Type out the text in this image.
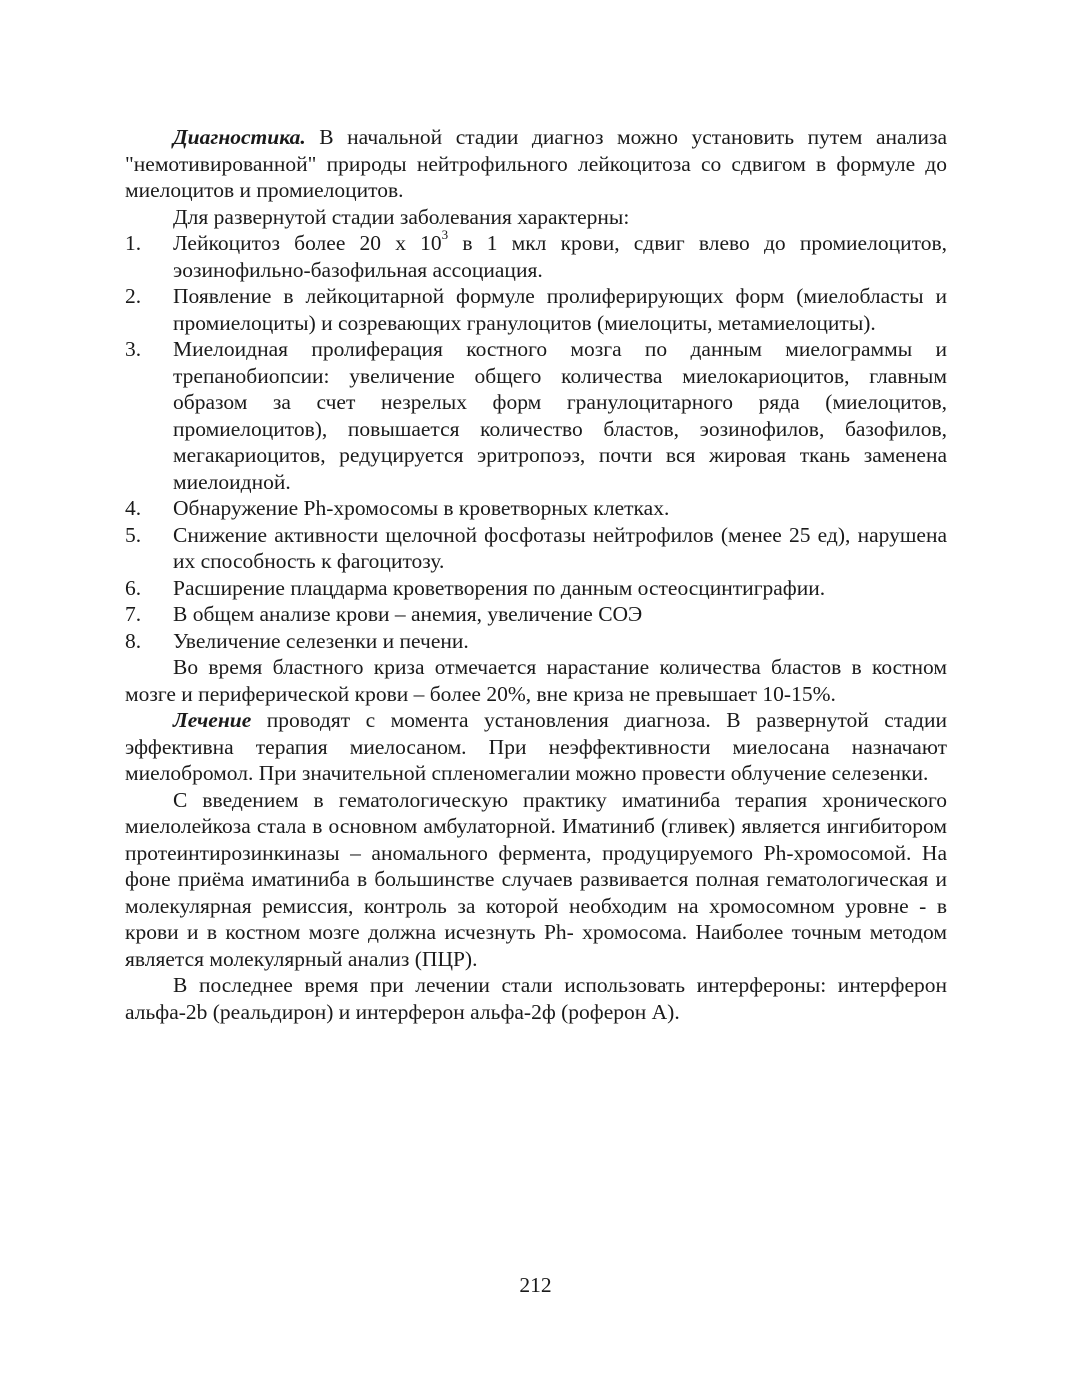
Диагностика. В начальной стадии диагноз можно установить путем анализа "немотивированной" природы нейтрофильного лейкоцитоза со сдвигом в формуле до миелоцитов и промиелоцитов.

Для развернутой стадии заболевания характерны:

1.	Лейкоцитоз более 20 х $10^3$ в 1 мкл крови, сдвиг влево до промиелоцитов, эозинофильно-базофильная ассоциация.
2.	Появление в лейкоцитарной формуле пролиферирующих форм (миелобласты и промиелоциты) и созревающих гранулоцитов (миелоциты, метамиелоциты).
3.	Миелоидная пролиферация костного мозга по данным миелограммы и трепанобиопсии: увеличение общего количества миелокариоцитов, главным образом за счет незрелых форм гранулоцитарного ряда (миелоцитов, промиелоцитов), повышается количество бластов, эозинофилов, базофилов, мегакариоцитов, редуцируется эритропоэз, почти вся жировая ткань заменена миелоидной.
4.	Обнаружение Ph-хромосомы в кроветворных клетках.
5.	Снижение активности щелочной фосфотазы нейтрофилов (менее 25 ед), нарушена их способность к фагоцитозу.
6.	Расширение плацдарма кроветворения по данным остеосцинтиграфии.
7.	В общем анализе крови – анемия, увеличение СОЭ
8.	Увеличение селезенки и печени.

Во время бластного криза отмечается нарастание количества бластов в костном мозге и периферической крови – более 20%, вне криза не превышает 10-15%.

Лечение проводят с момента установления диагноза. В развернутой стадии эффективна терапия миелосаном. При неэффективности миелосана назначают миелобромол. При значительной спленомегалии можно провести облучение селезенки.

С введением в гематологическую практику иматиниба терапия хронического миелолейкоза стала в основном амбулаторной. Иматиниб (гливек) является ингибитором протеинтирозинкиназы – аномального фермента, продуцируемого Ph-хромосомой. На фоне приёма иматиниба в большинстве случаев развивается полная гематологическая и молекулярная ремиссия, контроль за которой необходим на хромосомном уровне - в крови и в костном мозге должна исчезнуть Ph- хромосома. Наиболее точным методом является молекулярный анализ (ПЦР).

В последнее время при лечении стали использовать интерфероны: интерферон альфа-2b (реальдирон) и интерферон альфа-2ф (роферон А).

212
